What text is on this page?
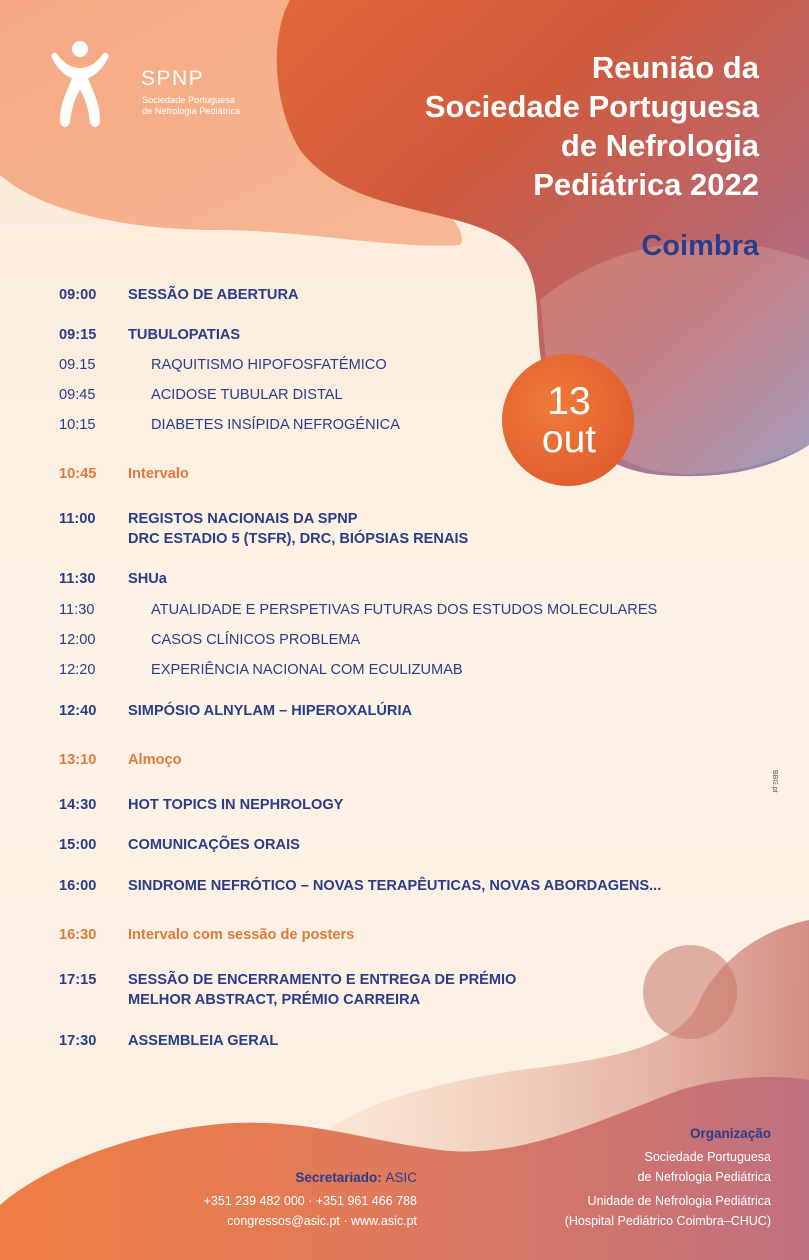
SPNP
Sociedade Portuguesa
de Nefrologia Pediátrica
Reunião da
Sociedade Portuguesa
de Nefrologia
Pediátrica 2022
Coimbra
13
out
09:00 SESSÃO DE ABERTURA
09:15 TUBULOPATIAS
09.15	RAQUITISMO HIPOFOSFATÉMICO
09:45	ACIDOSE TUBULAR DISTAL
10:15	DIABETES INSÍPIDA NEFROGÉNICA
10:45 Intervalo
11:00 REGISTOS NACIONAIS DA SPNP
DRC ESTADIO 5 (TSFR), DRC, BIÓPSIAS RENAIS
11:30 SHUa
11:30	ATUALIDADE E PERSPETIVAS FUTURAS DOS ESTUDOS MOLECULARES
12:00	CASOS CLÍNICOS PROBLEMA
12:20	EXPERIÊNCIA NACIONAL COM ECULIZUMAB
12:40 SIMPÓSIO ALNYLAM – HIPEROXALÚRIA
13:10 Almoço
14:30 HOT TOPICS IN NEPHROLOGY
15:00 COMUNICAÇÕES ORAIS
16:00 SINDROME NEFRÓTICO – NOVAS TERAPÊUTICAS, NOVAS ABORDAGENS...
16:30 Intervalo com sessão de posters
17:15 SESSÃO DE ENCERRAMENTO E ENTREGA DE PRÉMIO
MELHOR ABSTRACT, PRÉMIO CARREIRA
17:30 ASSEMBLEIA GERAL
BBG.pt
Secretariado: ASIC
+351 239 482 000 · +351 961 466 788
congressos@asic.pt · www.asic.pt
Organização
Sociedade Portuguesa
de Nefrologia Pediátrica
Unidade de Nefrologia Pediátrica
(Hospital Pediátrico Coimbra–CHUC)
